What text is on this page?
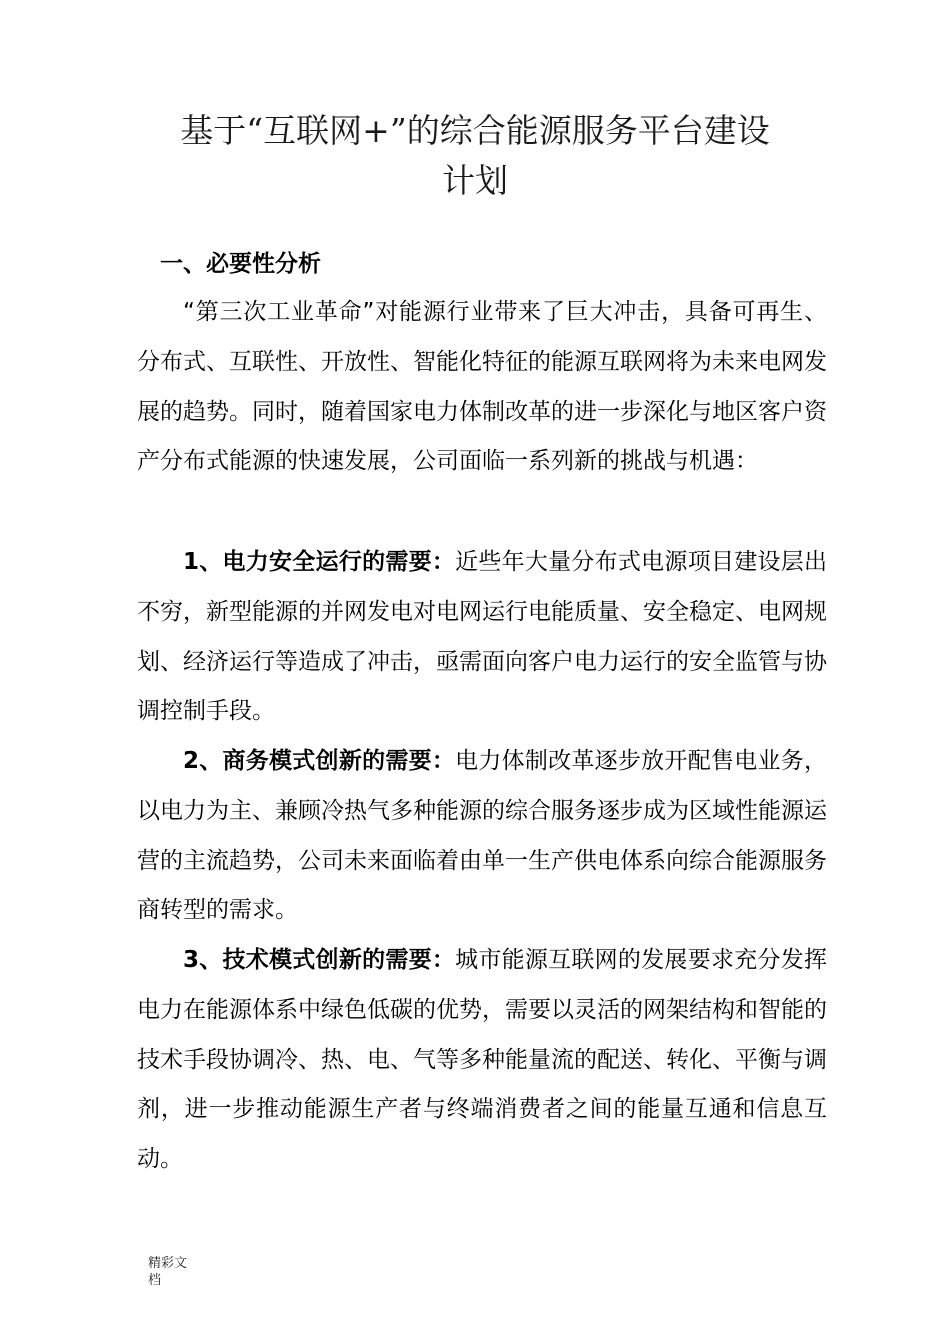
基于“互联网+”的综合能源服务平台建设
计划
一、必要性分析

“第三次工业革命”对能源行业带来了巨大冲击，具备可再生、分布式、互联性、开放性、智能化特征的能源互联网将为未来电网发展的趋势。同时，随着国家电力体制改革的进一步深化与地区客户资产分布式能源的快速发展，公司面临一系列新的挑战与机遇：

1、电力安全运行的需要：近些年大量分布式电源项目建设层出不穷，新型能源的并网发电对电网运行电能质量、安全稳定、电网规划、经济运行等造成了冲击，亟需面向客户电力运行的安全监管与协调控制手段。

2、商务模式创新的需要：电力体制改革逐步放开配售电业务，以电力为主、兼顾冷热气多种能源的综合服务逐步成为区域性能源运营的主流趋势，公司未来面临着由单一生产供电体系向综合能源服务商转型的需求。

3、技术模式创新的需要：城市能源互联网的发展要求充分发挥电力在能源体系中绿色低碳的优势，需要以灵活的网架结构和智能的技术手段协调冷、热、电、气等多种能量流的配送、转化、平衡与调剂，进一步推动能源生产者与终端消费者之间的能量互通和信息互动。

精彩文档
